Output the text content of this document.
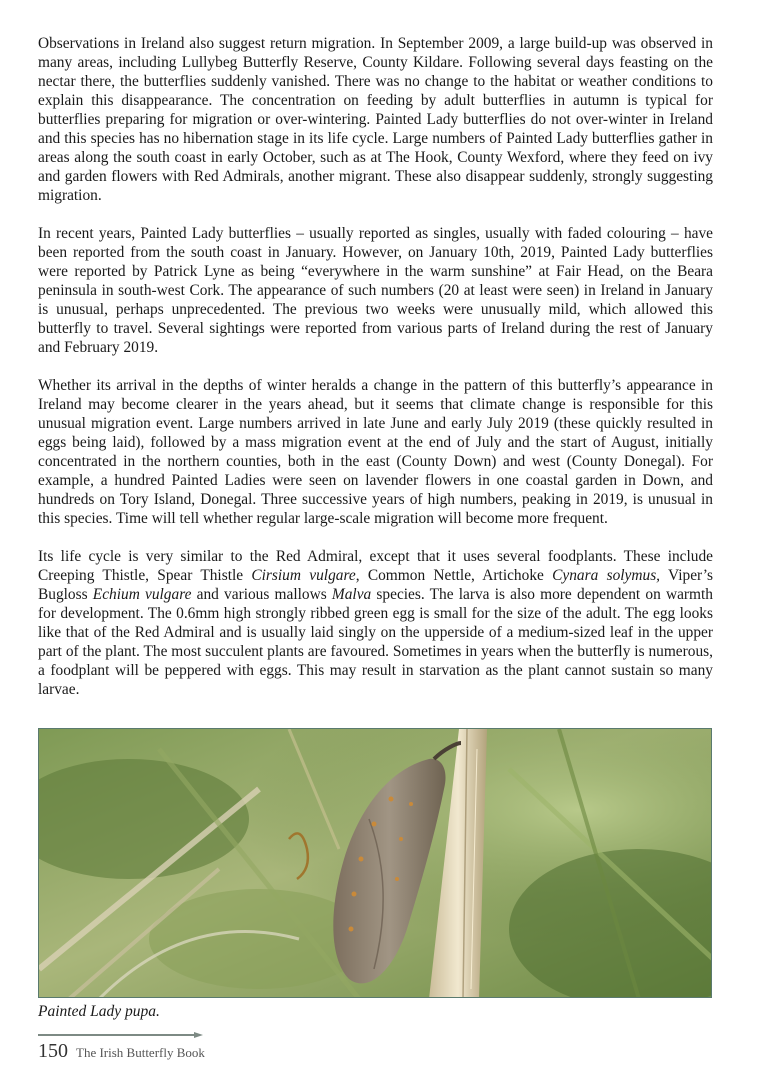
Observations in Ireland also suggest return migration. In September 2009, a large build-up was observed in many areas, including Lullybeg Butterfly Reserve, County Kildare. Following several days feasting on the nectar there, the butterflies suddenly vanished. There was no change to the habitat or weather conditions to explain this disappearance. The concentration on feeding by adult butterflies in autumn is typical for butterflies preparing for migration or over-wintering. Painted Lady butterflies do not over-winter in Ireland and this species has no hibernation stage in its life cycle. Large numbers of Painted Lady butterflies gather in areas along the south coast in early October, such as at The Hook, County Wexford, where they feed on ivy and garden flowers with Red Admirals, another migrant. These also disappear suddenly, strongly suggesting migration.

In recent years, Painted Lady butterflies – usually reported as singles, usually with faded colouring – have been reported from the south coast in January. However, on January 10th, 2019, Painted Lady butterflies were reported by Patrick Lyne as being “everywhere in the warm sunshine” at Fair Head, on the Beara peninsula in south-west Cork. The appearance of such numbers (20 at least were seen) in Ireland in January is unusual, perhaps unprecedented. The previous two weeks were unusually mild, which allowed this butterfly to travel. Several sightings were reported from various parts of Ireland during the rest of January and February 2019.

Whether its arrival in the depths of winter heralds a change in the pattern of this butterfly’s appearance in Ireland may become clearer in the years ahead, but it seems that climate change is responsible for this unusual migration event. Large numbers arrived in late June and early July 2019 (these quickly resulted in eggs being laid), followed by a mass migration event at the end of July and the start of August, initially concentrated in the northern counties, both in the east (County Down) and west (County Donegal). For example, a hundred Painted Ladies were seen on lavender flowers in one coastal garden in Down, and hundreds on Tory Island, Donegal. Three successive years of high numbers, peaking in 2019, is unusual in this species. Time will tell whether regular large-scale migration will become more frequent.

Its life cycle is very similar to the Red Admiral, except that it uses several foodplants. These include Creeping Thistle, Spear Thistle Cirsium vulgare, Common Nettle, Artichoke Cynara solymus, Viper’s Bugloss Echium vulgare and various mallows Malva species. The larva is also more dependent on warmth for development. The 0.6mm high strongly ribbed green egg is small for the size of the adult. The egg looks like that of the Red Admiral and is usually laid singly on the upperside of a medium-sized leaf in the upper part of the plant. The most succulent plants are favoured. Sometimes in years when the butterfly is numerous, a foodplant will be peppered with eggs. This may result in starvation as the plant cannot sustain so many larvae.

Painted Lady pupa.
150 The Irish Butterfly Book
